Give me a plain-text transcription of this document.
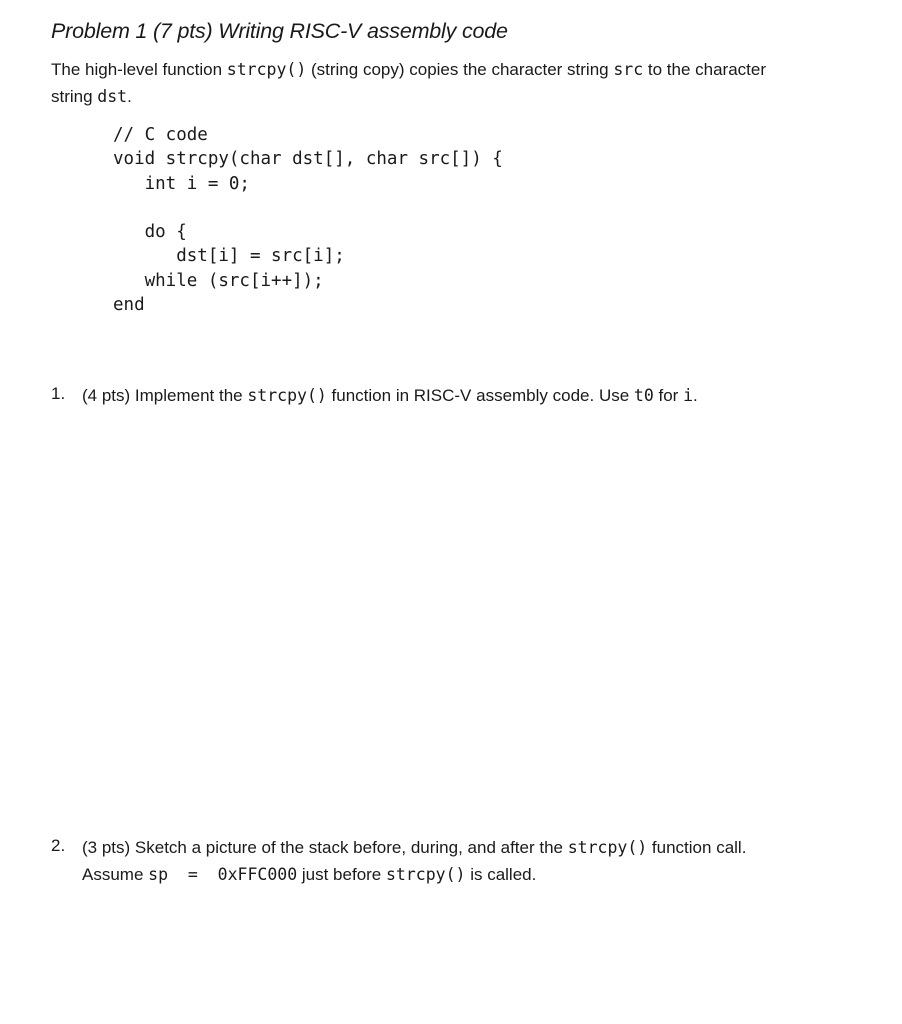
Problem 1 (7 pts) Writing RISC-V assembly code
The high-level function strcpy() (string copy) copies the character string src to the character
string dst.
// C code
void strcpy(char dst[], char src[]) {
int i = 0;
do {
dst[i] = src[i];
while (src[i++]);
end
1. (4 pts) Implement the strcpy() function in RISC-V assembly code. Use t0 for i.
2. (3 pts) Sketch a picture of the stack before, during, and after the strcpy() function call.
Assume sp  =  0xFFC000 just before strcpy() is called.
